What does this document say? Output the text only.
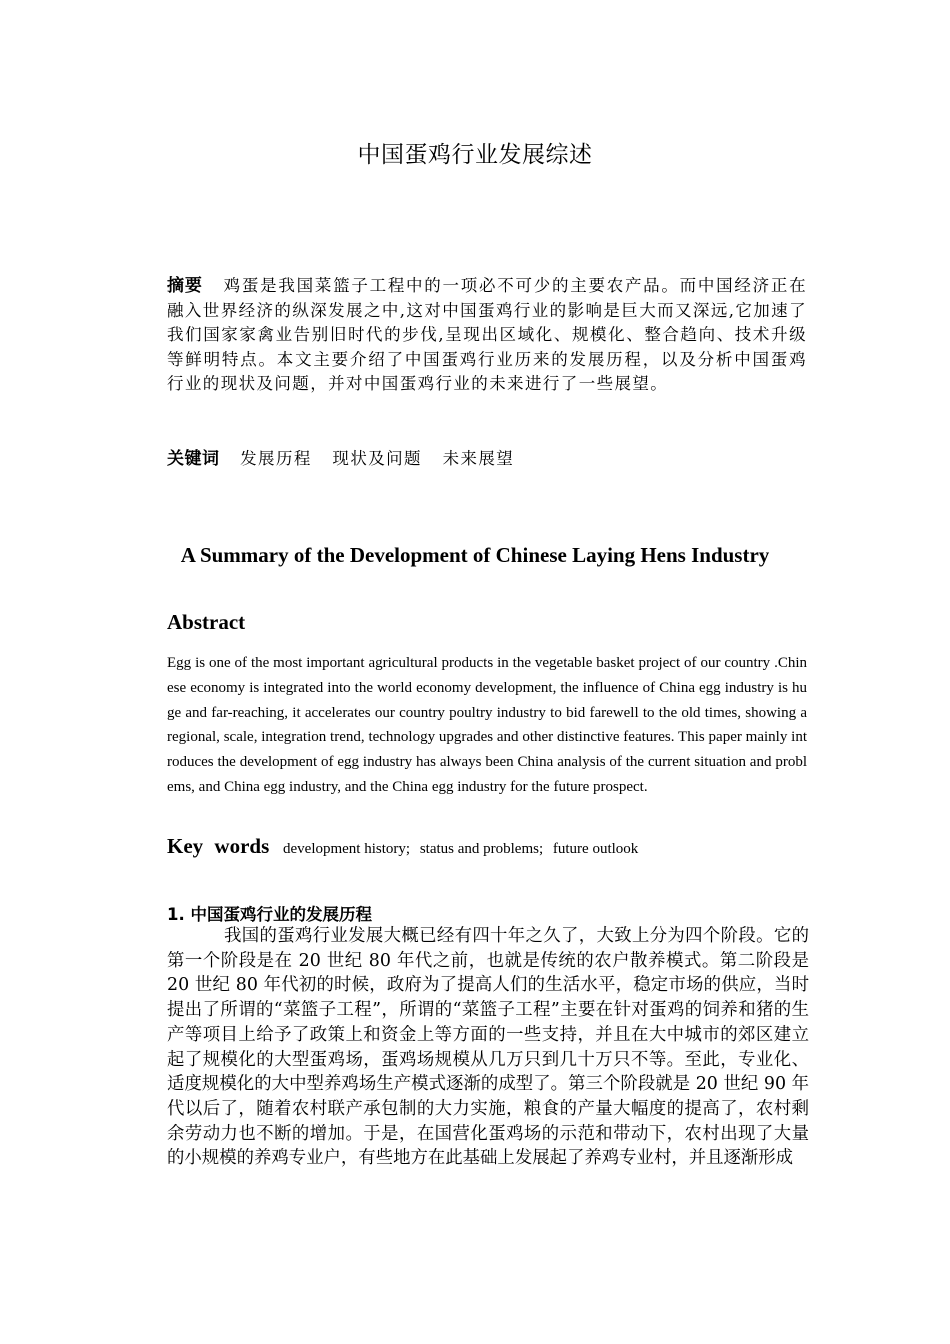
中国蛋鸡行业发展综述
摘要 鸡蛋是我国菜篮子工程中的一项必不可少的主要农产品。而中国经济正在融入世界经济的纵深发展之中,这对中国蛋鸡行业的影响是巨大而又深远,它加速了我们国家家禽业告别旧时代的步伐,呈现出区域化、规模化、整合趋向、技术升级等鲜明特点。本文主要介绍了中国蛋鸡行业历来的发展历程，以及分析中国蛋鸡行业的现状及问题，并对中国蛋鸡行业的未来进行了一些展望。
关键词 发展历程 现状及问题 未来展望
A Summary of the Development of Chinese Laying Hens Industry
Abstract
Egg is one of the most important agricultural products in the vegetable basket project of our country .Chinese economy is integrated into the world economy development, the influence of China egg industry is huge and far-reaching, it accelerates our country poultry industry to bid farewell to the old times, showing a regional, scale, integration trend, technology upgrades and other distinctive features. This paper mainly introduces the development of egg industry has always been China analysis of the current situation and problems, and China egg industry, and the China egg industry for the future prospect.
Key words development history; status and problems; future outlook
1. 中国蛋鸡行业的发展历程
我国的蛋鸡行业发展大概已经有四十年之久了，大致上分为四个阶段。它的第一个阶段是在 20 世纪 80 年代之前，也就是传统的农户散养模式。第二阶段是 20 世纪 80 年代初的时候，政府为了提高人们的生活水平，稳定市场的供应，当时提出了所谓的“菜篮子工程”，所谓的“菜篮子工程”主要在针对蛋鸡的饲养和猪的生产等项目上给予了政策上和资金上等方面的一些支持，并且在大中城市的郊区建立起了规模化的大型蛋鸡场，蛋鸡场规模从几万只到几十万只不等。至此，专业化、适度规模化的大中型养鸡场生产模式逐渐的成型了。第三个阶段就是 20 世纪 90 年代以后了，随着农村联产承包制的大力实施，粮食的产量大幅度的提高了，农村剩余劳动力也不断的增加。于是，在国营化蛋鸡场的示范和带动下，农村出现了大量的小规模的养鸡专业户，有些地方在此基础上发展起了养鸡专业村，并且逐渐形成
